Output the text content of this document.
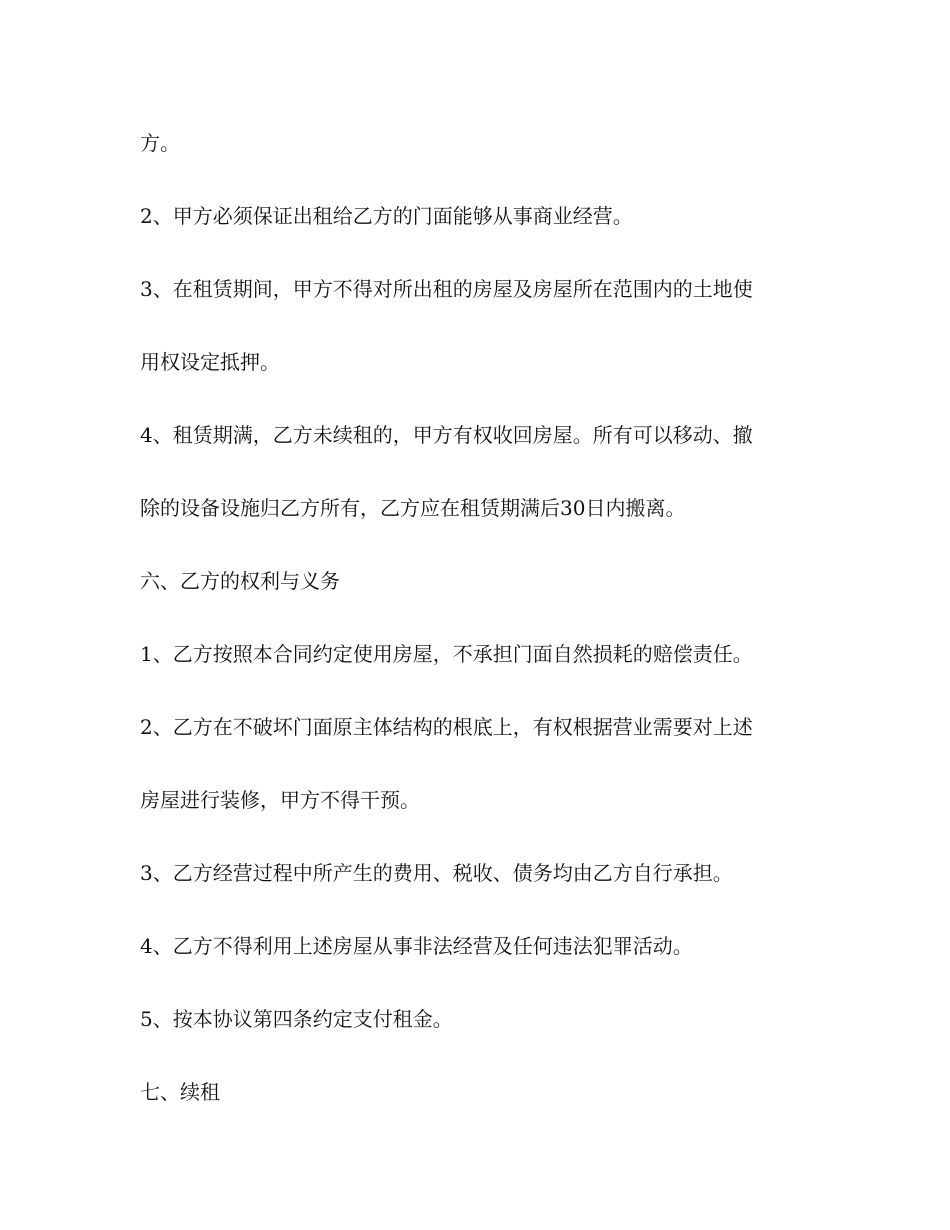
方。
2、甲方必须保证出租给乙方的门面能够从事商业经营。
3、在租赁期间，甲方不得对所出租的房屋及房屋所在范围内的土地使
用权设定抵押。
4、租赁期满，乙方未续租的，甲方有权收回房屋。所有可以移动、撤
除的设备设施归乙方所有，乙方应在租赁期满后30日内搬离。
六、乙方的权利与义务
1、乙方按照本合同约定使用房屋，不承担门面自然损耗的赔偿责任。
2、乙方在不破坏门面原主体结构的根底上，有权根据营业需要对上述
房屋进行装修，甲方不得干预。
3、乙方经营过程中所产生的费用、税收、债务均由乙方自行承担。
4、乙方不得利用上述房屋从事非法经营及任何违法犯罪活动。
5、按本协议第四条约定支付租金。
七、续租
